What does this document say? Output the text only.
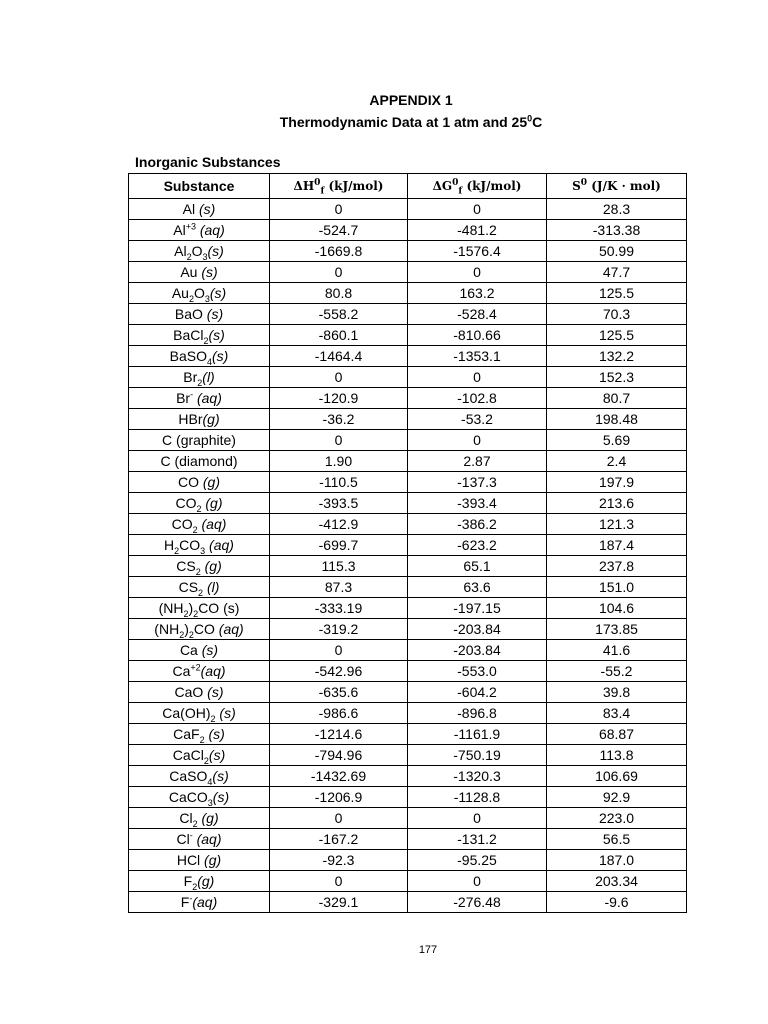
APPENDIX 1
Thermodynamic Data at 1 atm and $25^0C$
Inorganic Substances
Substance	$\Delta H^0_f$ (kJ/mol)	$\Delta G^0_f$ (kJ/mol)	$S^0$ (J/K · mol)
Al (s)	0	0	28.3
$Al^{+3}$ (aq)	-524.7	-481.2	-313.38
$Al_2O_3(s)$	-1669.8	-1576.4	50.99
Au (s)	0	0	47.7
$Au_2O_3(s)$	80.8	163.2	125.5
BaO (s)	-558.2	-528.4	70.3
BaCl$_2$(s)	-860.1	-810.66	125.5
BaSO$_4$(s)	-1464.4	-1353.1	132.2
$Br_2(l)$	0	0	152.3
Br- (aq)	-120.9	-102.8	80.7
HBr(g)	-36.2	-53.2	198.48
C (graphite)	0	0	5.69
C (diamond)	1.90	2.87	2.4
CO (g)	-110.5	-137.3	197.9
$CO_2$ (g)	-393.5	-393.4	213.6
$CO_2$ (aq)	-412.9	-386.2	121.3
$H_2CO_3$ (aq)	-699.7	-623.2	187.4
$CS_2$ (g)	115.3	65.1	237.8
$CS_2$ (l)	87.3	63.6	151.0
$(NH_2)_2CO$ (s)	-333.19	-197.15	104.6
$(NH_2)_2CO$ (aq)	-319.2	-203.84	173.85
Ca (s)	0	-203.84	41.6
$Ca^{+2}(aq)$	-542.96	-553.0	-55.2
CaO (s)	-635.6	-604.2	39.8
$Ca(OH)_2$ (s)	-986.6	-896.8	83.4
CaF$_2$ (s)	-1214.6	-1161.9	68.87
CaCl$_2$(s)	-794.96	-750.19	113.8
CaSO$_4$(s)	-1432.69	-1320.3	106.69
CaCO$_3$(s)	-1206.9	-1128.8	92.9
$Cl_2$ (g)	0	0	223.0
Cl- (aq)	-167.2	-131.2	56.5
HCl (g)	-92.3	-95.25	187.0
$F_2(g)$	0	0	203.34
F-(aq)	-329.1	-276.48	-9.6
177
